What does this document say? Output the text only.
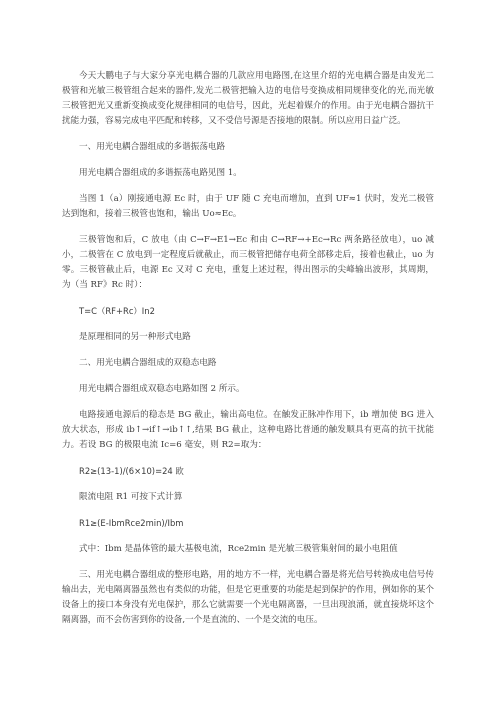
今天大鹏电子与大家分享光电耦合器的几款应用电路图,在这里介绍的光电耦合器是由发光二极管和光敏三极管组合起来的器件,发光二极管把输入边的电信号变换成相同规律变化的光,而光敏三极管把光又重新变换成变化规律相同的电信号，因此，光起着媒介的作用。由于光电耦合器抗干扰能力强，容易完成电平匹配和转移，又不受信号源是否接地的限制。所以应用日益广泛。

一、用光电耦合器组成的多谐振荡电路

用光电耦合器组成的多谐振荡电路见图 1。

当图 1（a）刚接通电源 Ec 时，由于 UF 随 C 充电而增加，直到 UF≈1 伏时，发光二极管达到饱和，接着三极管也饱和，输出 Uo≈Ec。

三极管饱和后，C 放电（由 C→F→E1→Ec 和由 C→RF→+Ec→Rc 两条路径放电），uo 减小，二极管在 C 放电到一定程度后就截止，而三极管把储存电荷全部移走后，接着也截止，uo 为零。三极管截止后，电源 Ec 又对 C 充电，重复上述过程，得出图示的尖峰输出波形，其周期，为（当 RF》Rc 时）：

T=C（RF+Rc）In2

是原理相同的另一种形式电路

二、用光电耦合器组成的双稳态电路

用光电耦合器组成双稳态电路如图 2 所示。

电路接通电源后的稳态是 BG 截止，输出高电位。在触发正脉冲作用下，ib 增加使 BG 进入放大状态，形成 ib↑→if↑→ib↑↑,结果 BG 截止，这种电路比普通的触发顺具有更高的抗干扰能力。若设 BG 的极限电流 Ic=6 毫安，则 R2=取为：

R2≥(13-1)/(6×10)=24 欧

限流电阻 R1 可按下式计算

R1≥(E-IbmRce2min)/Ibm

式中：Ibm 是晶体管的最大基极电流，Rce2min 是光敏三极管集射间的最小电阻值

三、用光电耦合器组成的整形电路，用的地方不一样，光电耦合器是将光信号转换成电信号传输出去，光电隔离器虽然也有类似的功能，但是它更重要的功能是起到保护的作用，例如你的某个设备上的接口本身没有光电保护，那么它就需要一个光电隔离器，一旦出现浪涌，就直接烧坏这个隔离器，而不会伤害到你的设备,一个是直流的、一个是交流的电压。
